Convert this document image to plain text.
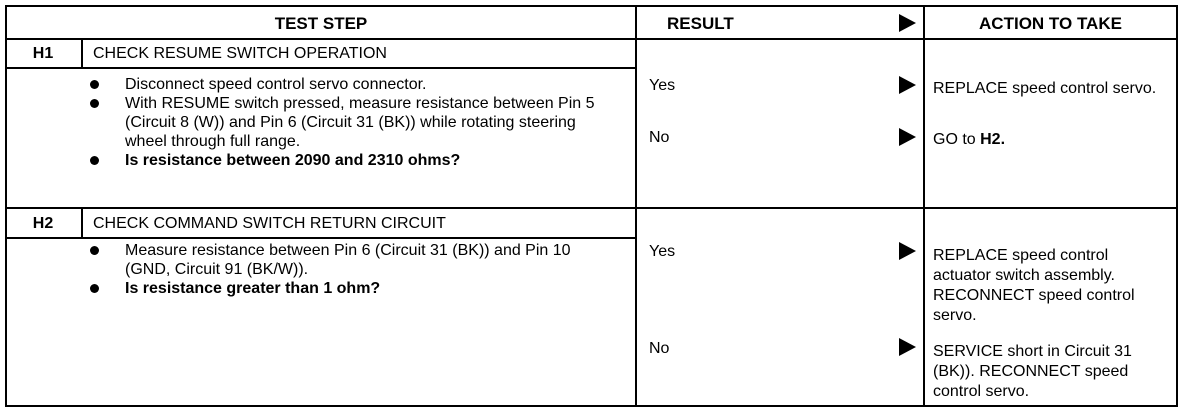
TEST STEP	RESULT	ACTION TO TAKE
H1	CHECK RESUME SWITCH OPERATION
Disconnect speed control servo connector.
With RESUME switch pressed, measure resistance between Pin 5 (Circuit 8 (W)) and Pin 6 (Circuit 31 (BK)) while rotating steering wheel through full range.
Is resistance between 2090 and 2310 ohms?
Yes	REPLACE speed control servo.
No	GO to H2.
H2	CHECK COMMAND SWITCH RETURN CIRCUIT
Measure resistance between Pin 6 (Circuit 31 (BK)) and Pin 10 (GND, Circuit 91 (BK/W)).
Is resistance greater than 1 ohm?
Yes	REPLACE speed control actuator switch assembly. RECONNECT speed control servo.
No	SERVICE short in Circuit 31 (BK)). RECONNECT speed control servo.
